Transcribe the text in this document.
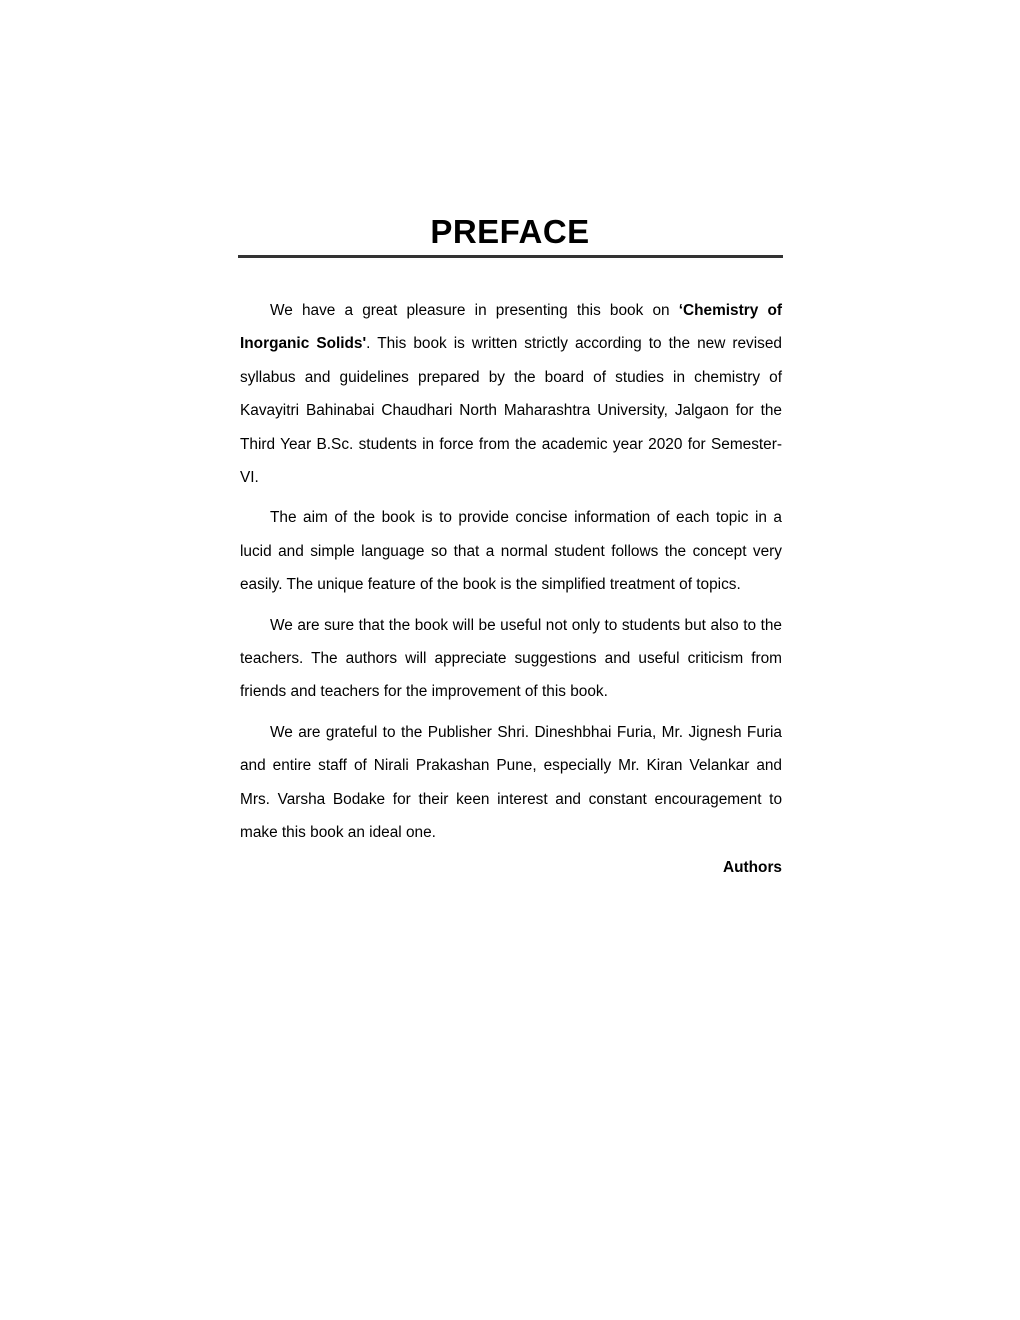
PREFACE

We have a great pleasure in presenting this book on ‘Chemistry of Inorganic Solids'. This book is written strictly according to the new revised syllabus and guidelines prepared by the board of studies in chemistry of Kavayitri Bahinabai Chaudhari North Maharashtra University, Jalgaon for the Third Year B.Sc. students in force from the academic year 2020 for Semester-VI.

The aim of the book is to provide concise information of each topic in a lucid and simple language so that a normal student follows the concept very easily. The unique feature of the book is the simplified treatment of topics.

We are sure that the book will be useful not only to students but also to the teachers. The authors will appreciate suggestions and useful criticism from friends and teachers for the improvement of this book.

We are grateful to the Publisher Shri. Dineshbhai Furia, Mr. Jignesh Furia and entire staff of Nirali Prakashan Pune, especially Mr. Kiran Velankar and Mrs. Varsha Bodake for their keen interest and constant encouragement to make this book an ideal one.

Authors
